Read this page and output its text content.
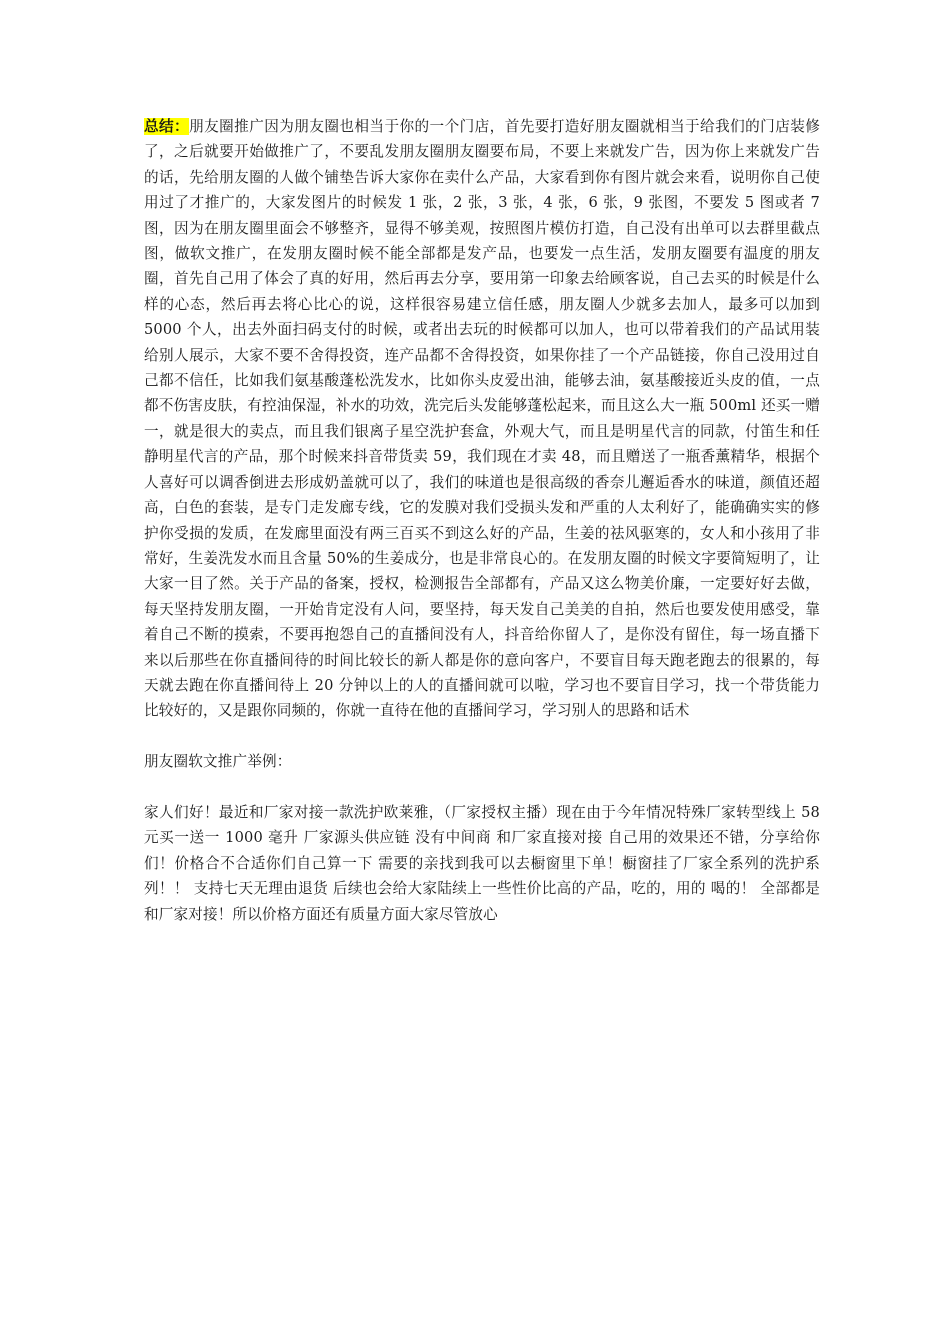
总结：朋友圈推广因为朋友圈也相当于你的一个门店，首先要打造好朋友圈就相当于给我们的门店装修了，之后就要开始做推广了，不要乱发朋友圈朋友圈要布局，不要上来就发广告，因为你上来就发广告的话，先给朋友圈的人做个铺垫告诉大家你在卖什么产品，大家看到你有图片就会来看，说明你自己使用过了才推广的，大家发图片的时候发 1 张，2 张，3 张，4 张，6 张，9 张图，不要发 5 图或者 7 图，因为在朋友圈里面会不够整齐，显得不够美观，按照图片模仿打造，自己没有出单可以去群里截点图，做软文推广，在发朋友圈时候不能全部都是发产品，也要发一点生活，发朋友圈要有温度的朋友圈，首先自己用了体会了真的好用，然后再去分享，要用第一印象去给顾客说，自己去买的时候是什么样的心态，然后再去将心比心的说，这样很容易建立信任感，朋友圈人少就多去加人，最多可以加到 5000 个人，出去外面扫码支付的时候，或者出去玩的时候都可以加人，也可以带着我们的产品试用装给别人展示，大家不要不舍得投资，连产品都不舍得投资，如果你挂了一个产品链接，你自己没用过自己都不信任，比如我们氨基酸蓬松洗发水，比如你头皮爱出油，能够去油，氨基酸接近头皮的值，一点都不伤害皮肤，有控油保湿，补水的功效，洗完后头发能够蓬松起来，而且这么大一瓶 500ml 还买一赠一，就是很大的卖点，而且我们银离子星空洗护套盒，外观大气，而且是明星代言的同款，付笛生和任静明星代言的产品，那个时候来抖音带货卖 59，我们现在才卖 48，而且赠送了一瓶香薰精华，根据个人喜好可以调香倒进去形成奶盖就可以了，我们的味道也是很高级的香奈儿邂逅香水的味道，颜值还超高，白色的套装，是专门走发廊专线，它的发膜对我们受损头发和严重的人太利好了，能确确实实的修护你受损的发质，在发廊里面没有两三百买不到这么好的产品，生姜的祛风驱寒的，女人和小孩用了非常好，生姜洗发水而且含量 50%的生姜成分，也是非常良心的。在发朋友圈的时候文字要简短明了，让大家一目了然。关于产品的备案，授权，检测报告全部都有，产品又这么物美价廉，一定要好好去做，每天坚持发朋友圈，一开始肯定没有人问，要坚持，每天发自己美美的自拍，然后也要发使用感受，靠着自己不断的摸索，不要再抱怨自己的直播间没有人，抖音给你留人了，是你没有留住，每一场直播下来以后那些在你直播间待的时间比较长的新人都是你的意向客户，不要盲目每天跑老跑去的很累的，每天就去跑在你直播间待上 20 分钟以上的人的直播间就可以啦，学习也不要盲目学习，找一个带货能力比较好的，又是跟你同频的，你就一直待在他的直播间学习，学习别人的思路和话术

朋友圈软文推广举例：

家人们好！最近和厂家对接一款洗护欧莱雅，（厂家授权主播）现在由于今年情况特殊厂家转型线上 58 元买一送一 1000 毫升 厂家源头供应链 没有中间商 和厂家直接对接 自己用的效果还不错，分享给你们！价格合不合适你们自己算一下 需要的亲找到我可以去橱窗里下单！橱窗挂了厂家全系列的洗护系列！！ 支持七天无理由退货 后续也会给大家陆续上一些性价比高的产品，吃的，用的 喝的！ 全部都是和厂家对接！所以价格方面还有质量方面大家尽管放心
